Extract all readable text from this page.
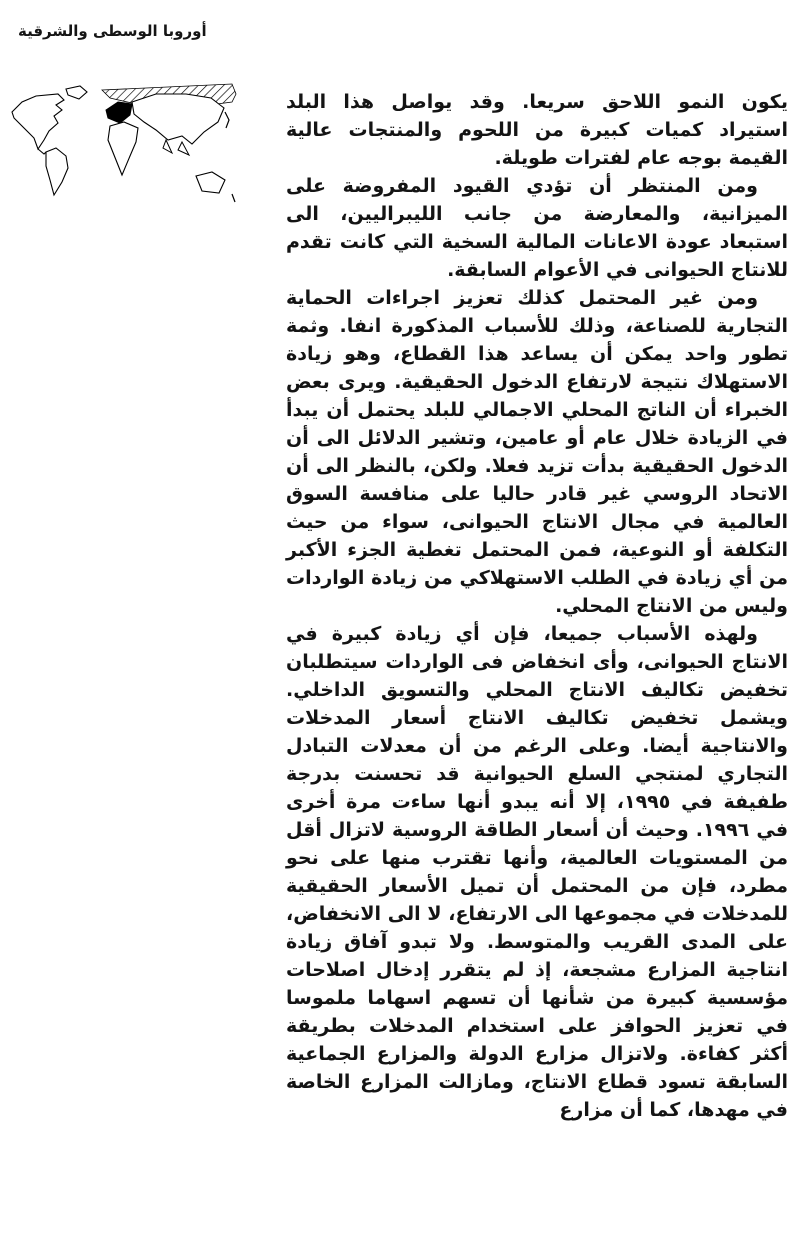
أوروبا الوسطى والشرقية

يكون النمو اللاحق سريعا. وقد يواصل هذا البلد استيراد كميات كبيرة من اللحوم والمنتجات عالية القيمة بوجه عام لفترات طويلة.

ومن المنتظر أن تؤدي القيود المفروضة على الميزانية، والمعارضة من جانب الليبراليين، الى استبعاد عودة الاعانات المالية السخية التي كانت تقدم للانتاج الحيوانى في الأعوام السابقة.

ومن غير المحتمل كذلك تعزيز اجراءات الحماية التجارية للصناعة، وذلك للأسباب المذكورة انفا. وثمة تطور واحد يمكن أن يساعد هذا القطاع، وهو زيادة الاستهلاك نتيجة لارتفاع الدخول الحقيقية. ويرى بعض الخبراء أن الناتج المحلي الاجمالي للبلد يحتمل أن يبدأ في الزيادة خلال عام أو عامين، وتشير الدلائل الى أن الدخول الحقيقية بدأت تزيد فعلا. ولكن، بالنظر الى أن الاتحاد الروسي غير قادر حاليا على منافسة السوق العالمية في مجال الانتاج الحيوانى، سواء من حيث التكلفة أو النوعية، فمن المحتمل تغطية الجزء الأكبر من أي زيادة في الطلب الاستهلاكي من زيادة الواردات وليس من الانتاج المحلي.

ولهذه الأسباب جميعا، فإن أي زيادة كبيرة في الانتاج الحيوانى، وأى انخفاض فى الواردات سيتطلبان تخفيض تكاليف الانتاج المحلي والتسويق الداخلي. ويشمل تخفيض تكاليف الانتاج أسعار المدخلات والانتاجية أيضا. وعلى الرغم من أن معدلات التبادل التجاري لمنتجي السلع الحيوانية قد تحسنت بدرجة طفيفة في ١٩٩٥، إلا أنه يبدو أنها ساءت مرة أخرى في ١٩٩٦. وحيث أن أسعار الطاقة الروسية لاتزال أقل من المستويات العالمية، وأنها تقترب منها على نحو مطرد، فإن من المحتمل أن تميل الأسعار الحقيقية للمدخلات في مجموعها الى الارتفاع، لا الى الانخفاض، على المدى القريب والمتوسط. ولا تبدو آفاق زيادة انتاجية المزارع مشجعة، إذ لم يتقرر إدخال اصلاحات مؤسسية كبيرة من شأنها أن تسهم اسهاما ملموسا في تعزيز الحوافز على استخدام المدخلات بطريقة أكثر كفاءة. ولاتزال مزارع الدولة والمزارع الجماعية السابقة تسود قطاع الانتاج، ومازالت المزارع الخاصة في مهدها، كما أن مزارع
